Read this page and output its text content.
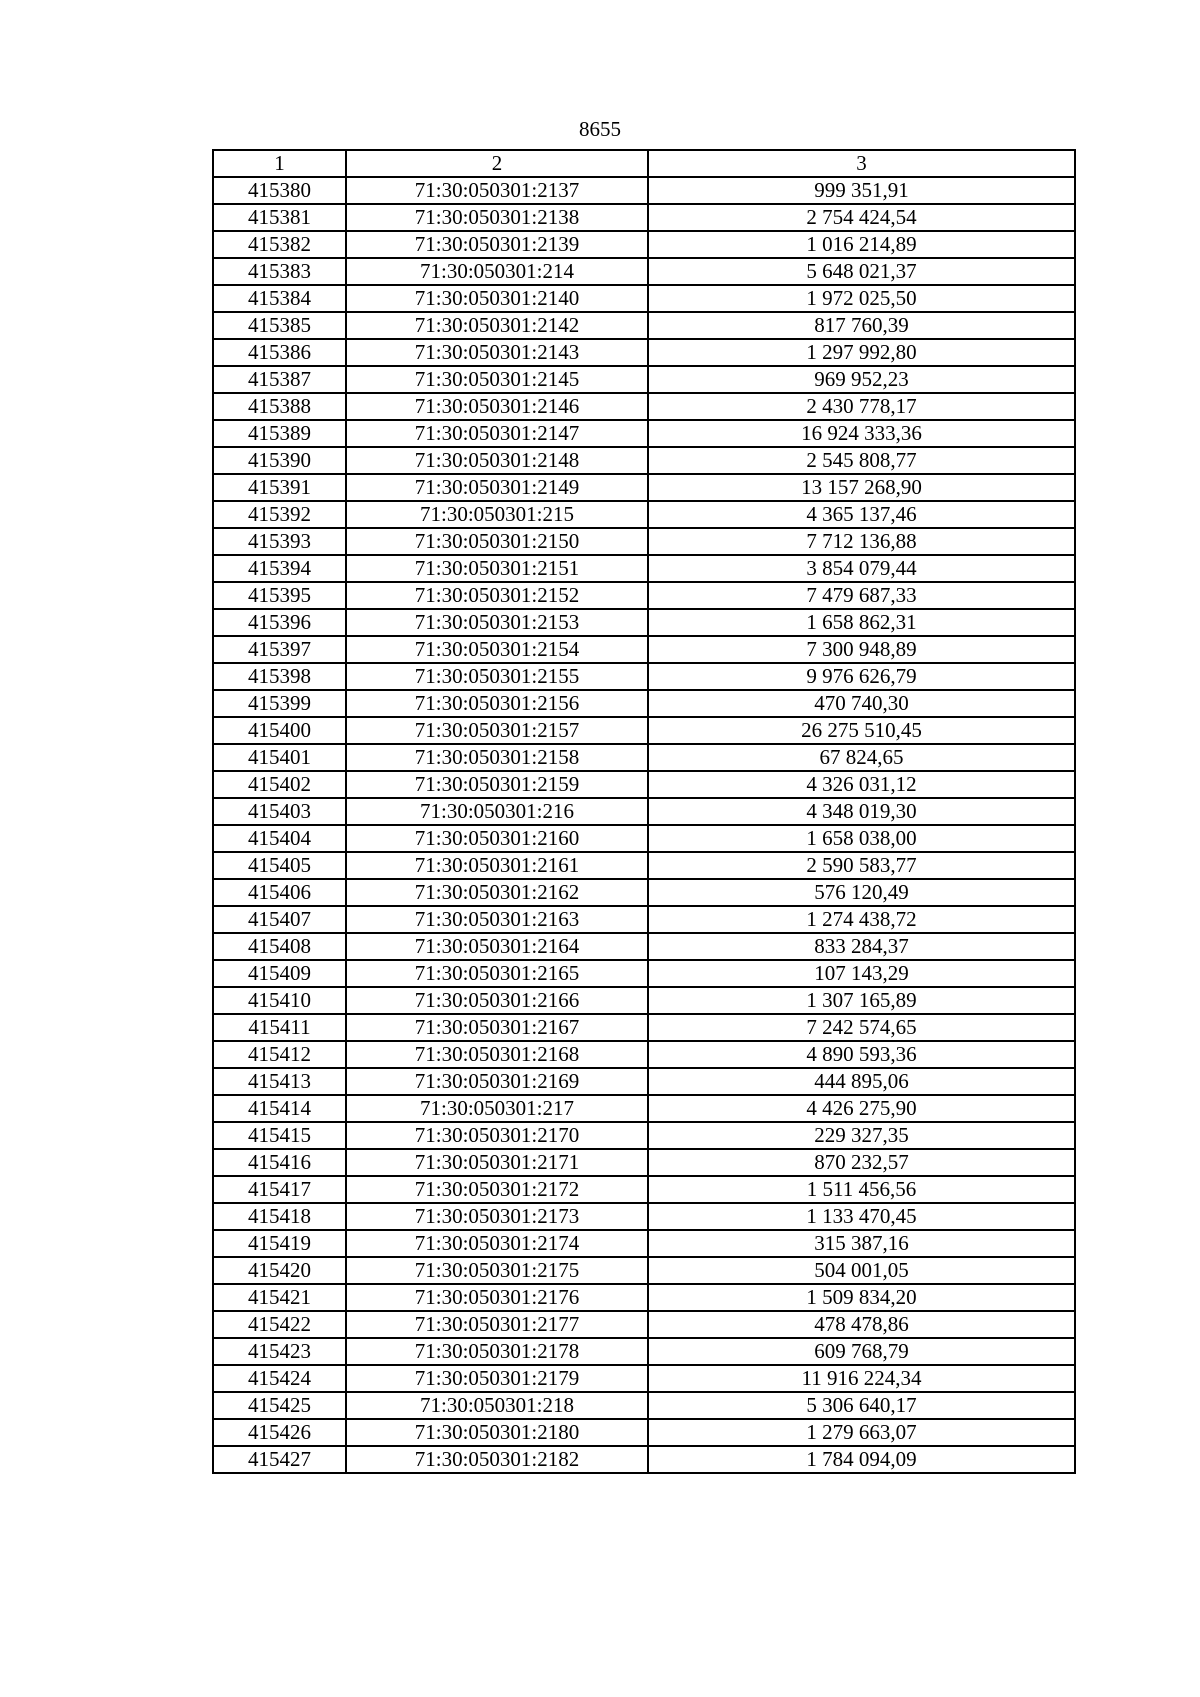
8655
1	2	3
415380	71:30:050301:2137	999 351,91
415381	71:30:050301:2138	2 754 424,54
415382	71:30:050301:2139	1 016 214,89
415383	71:30:050301:214	5 648 021,37
415384	71:30:050301:2140	1 972 025,50
415385	71:30:050301:2142	817 760,39
415386	71:30:050301:2143	1 297 992,80
415387	71:30:050301:2145	969 952,23
415388	71:30:050301:2146	2 430 778,17
415389	71:30:050301:2147	16 924 333,36
415390	71:30:050301:2148	2 545 808,77
415391	71:30:050301:2149	13 157 268,90
415392	71:30:050301:215	4 365 137,46
415393	71:30:050301:2150	7 712 136,88
415394	71:30:050301:2151	3 854 079,44
415395	71:30:050301:2152	7 479 687,33
415396	71:30:050301:2153	1 658 862,31
415397	71:30:050301:2154	7 300 948,89
415398	71:30:050301:2155	9 976 626,79
415399	71:30:050301:2156	470 740,30
415400	71:30:050301:2157	26 275 510,45
415401	71:30:050301:2158	67 824,65
415402	71:30:050301:2159	4 326 031,12
415403	71:30:050301:216	4 348 019,30
415404	71:30:050301:2160	1 658 038,00
415405	71:30:050301:2161	2 590 583,77
415406	71:30:050301:2162	576 120,49
415407	71:30:050301:2163	1 274 438,72
415408	71:30:050301:2164	833 284,37
415409	71:30:050301:2165	107 143,29
415410	71:30:050301:2166	1 307 165,89
415411	71:30:050301:2167	7 242 574,65
415412	71:30:050301:2168	4 890 593,36
415413	71:30:050301:2169	444 895,06
415414	71:30:050301:217	4 426 275,90
415415	71:30:050301:2170	229 327,35
415416	71:30:050301:2171	870 232,57
415417	71:30:050301:2172	1 511 456,56
415418	71:30:050301:2173	1 133 470,45
415419	71:30:050301:2174	315 387,16
415420	71:30:050301:2175	504 001,05
415421	71:30:050301:2176	1 509 834,20
415422	71:30:050301:2177	478 478,86
415423	71:30:050301:2178	609 768,79
415424	71:30:050301:2179	11 916 224,34
415425	71:30:050301:218	5 306 640,17
415426	71:30:050301:2180	1 279 663,07
415427	71:30:050301:2182	1 784 094,09
